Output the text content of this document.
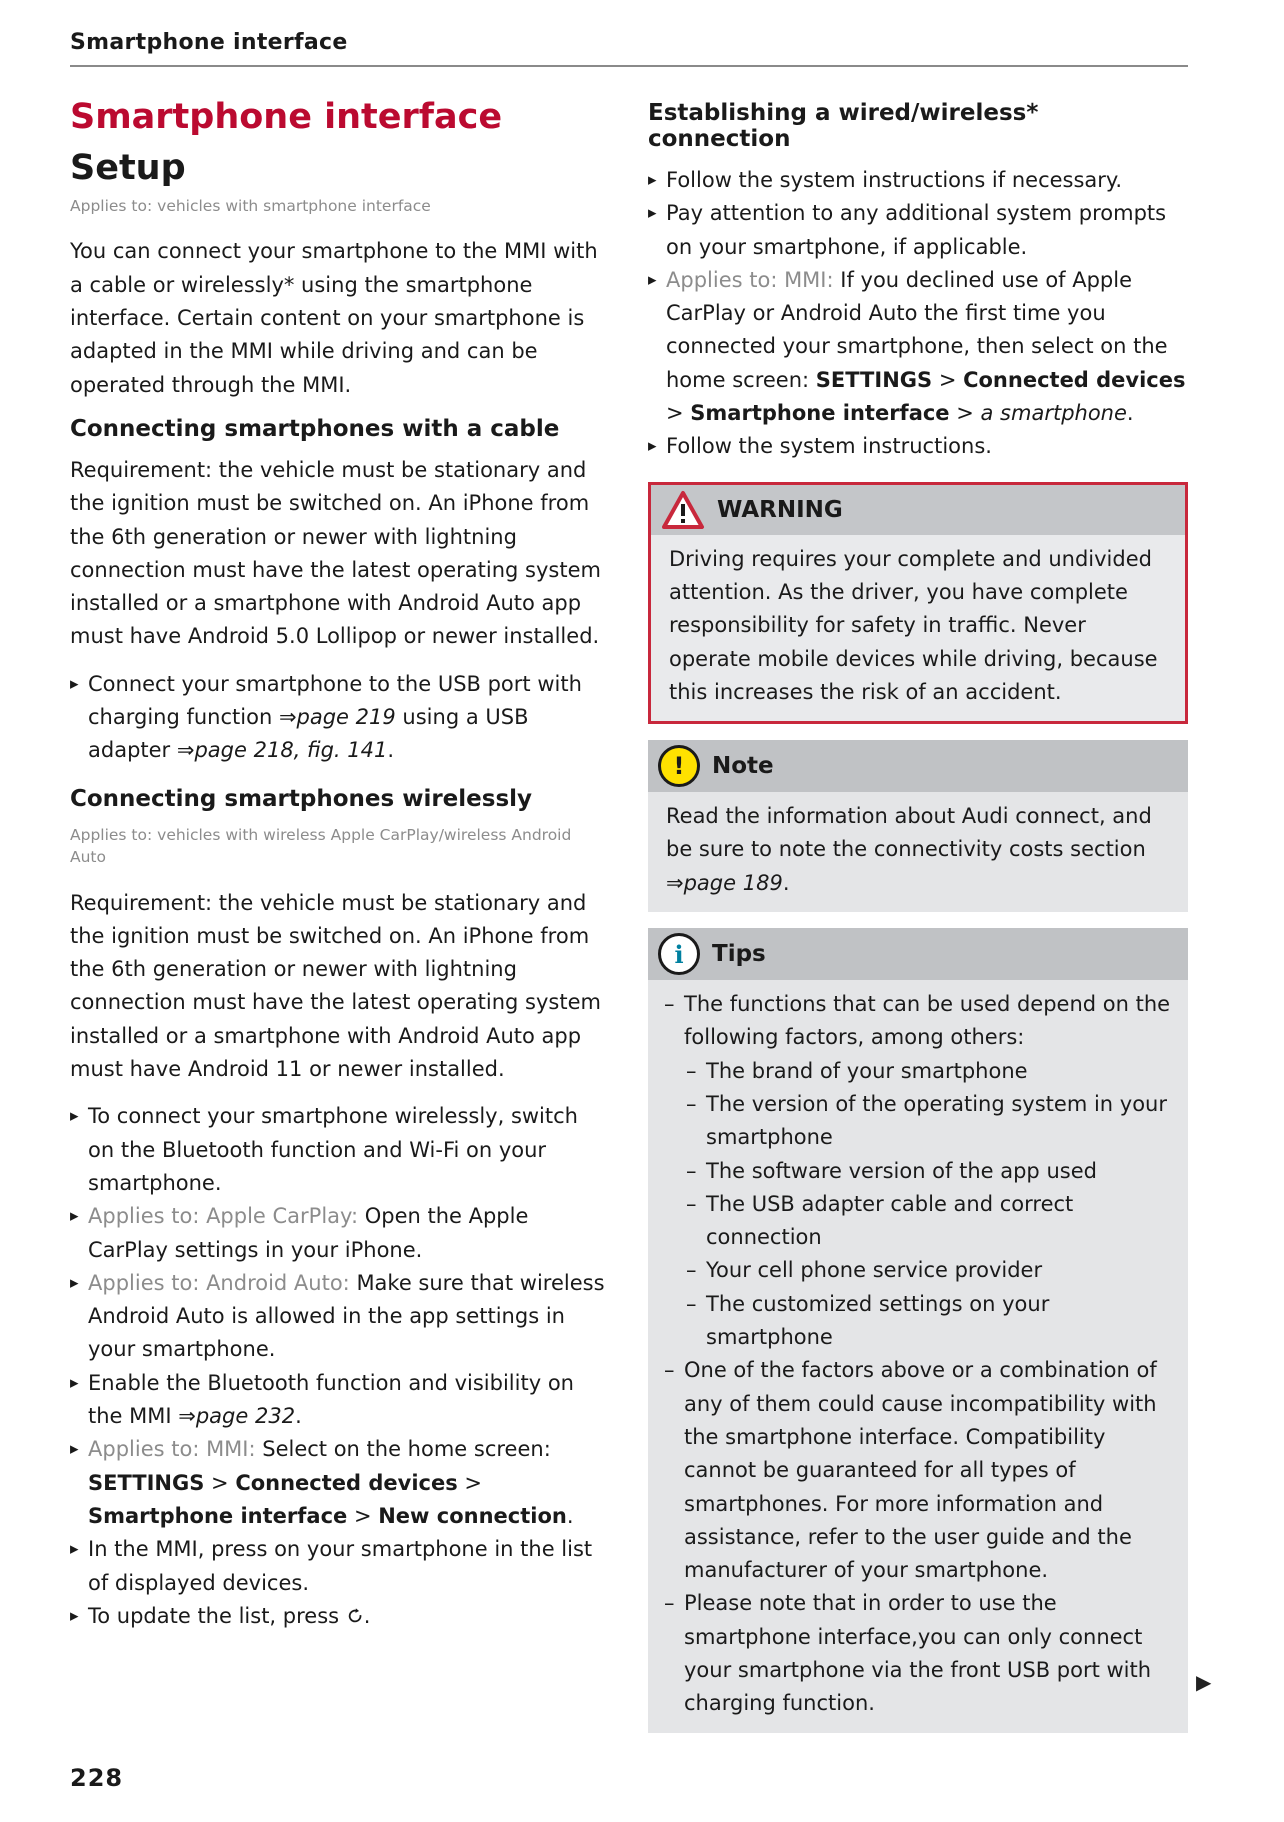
Smartphone interface
Smartphone interface
Setup
Applies to: vehicles with smartphone interface

You can connect your smartphone to the MMI with a cable or wirelessly* using the smartphone interface. Certain content on your smartphone is adapted in the MMI while driving and can be operated through the MMI.

Connecting smartphones with a cable

Requirement: the vehicle must be stationary and the ignition must be switched on. An iPhone from the 6th generation or newer with lightning connection must have the latest operating system installed or a smartphone with Android Auto app must have Android 5.0 Lollipop or newer installed.

▸ Connect your smartphone to the USB port with charging function ⇒page 219 using a USB adapter ⇒page 218, fig. 141.
Connecting smartphones wirelessly
Applies to: vehicles with wireless Apple CarPlay/wireless Android Auto

Requirement: the vehicle must be stationary and the ignition must be switched on. An iPhone from the 6th generation or newer with lightning connection must have the latest operating system installed or a smartphone with Android Auto app must have Android 11 or newer installed.

▸ To connect your smartphone wirelessly, switch on the Bluetooth function and Wi-Fi on your smartphone.
▸ Applies to: Apple CarPlay: Open the Apple CarPlay settings in your iPhone.
▸ Applies to: Android Auto: Make sure that wireless Android Auto is allowed in the app settings in your smartphone.
▸ Enable the Bluetooth function and visibility on the MMI ⇒page 232.
▸ Applies to: MMI: Select on the home screen: SETTINGS > Connected devices > Smartphone interface > New connection.
▸ In the MMI, press on your smartphone in the list of displayed devices.
▸ To update the list, press .
Establishing a wired/wireless* connection
▸ Follow the system instructions if necessary.
▸ Pay attention to any additional system prompts on your smartphone, if applicable.
▸ Applies to: MMI: If you declined use of Apple CarPlay or Android Auto the first time you connected your smartphone, then select on the home screen: SETTINGS > Connected devices > Smartphone interface > a smartphone.
▸ Follow the system instructions.
WARNING
Driving requires your complete and undivided attention. As the driver, you have complete responsibility for safety in traffic. Never operate mobile devices while driving, because this increases the risk of an accident.
!	Note
Read the information about Audi connect, and be sure to note the connectivity costs section ⇒page 189.
i	Tips
– The functions that can be used depend on the following factors, among others:
– The brand of your smartphone
– The version of the operating system in your smartphone
– The software version of the app used
– The USB adapter cable and correct connection
– Your cell phone service provider
– The customized settings on your smartphone
– One of the factors above or a combination of any of them could cause incompatibility with the smartphone interface. Compatibility cannot be guaranteed for all types of smartphones. For more information and assistance, refer to the user guide and the manufacturer of your smartphone.
– Please note that in order to use the smartphone interface,you can only connect your smartphone via the front USB port with charging function.
▶
228
